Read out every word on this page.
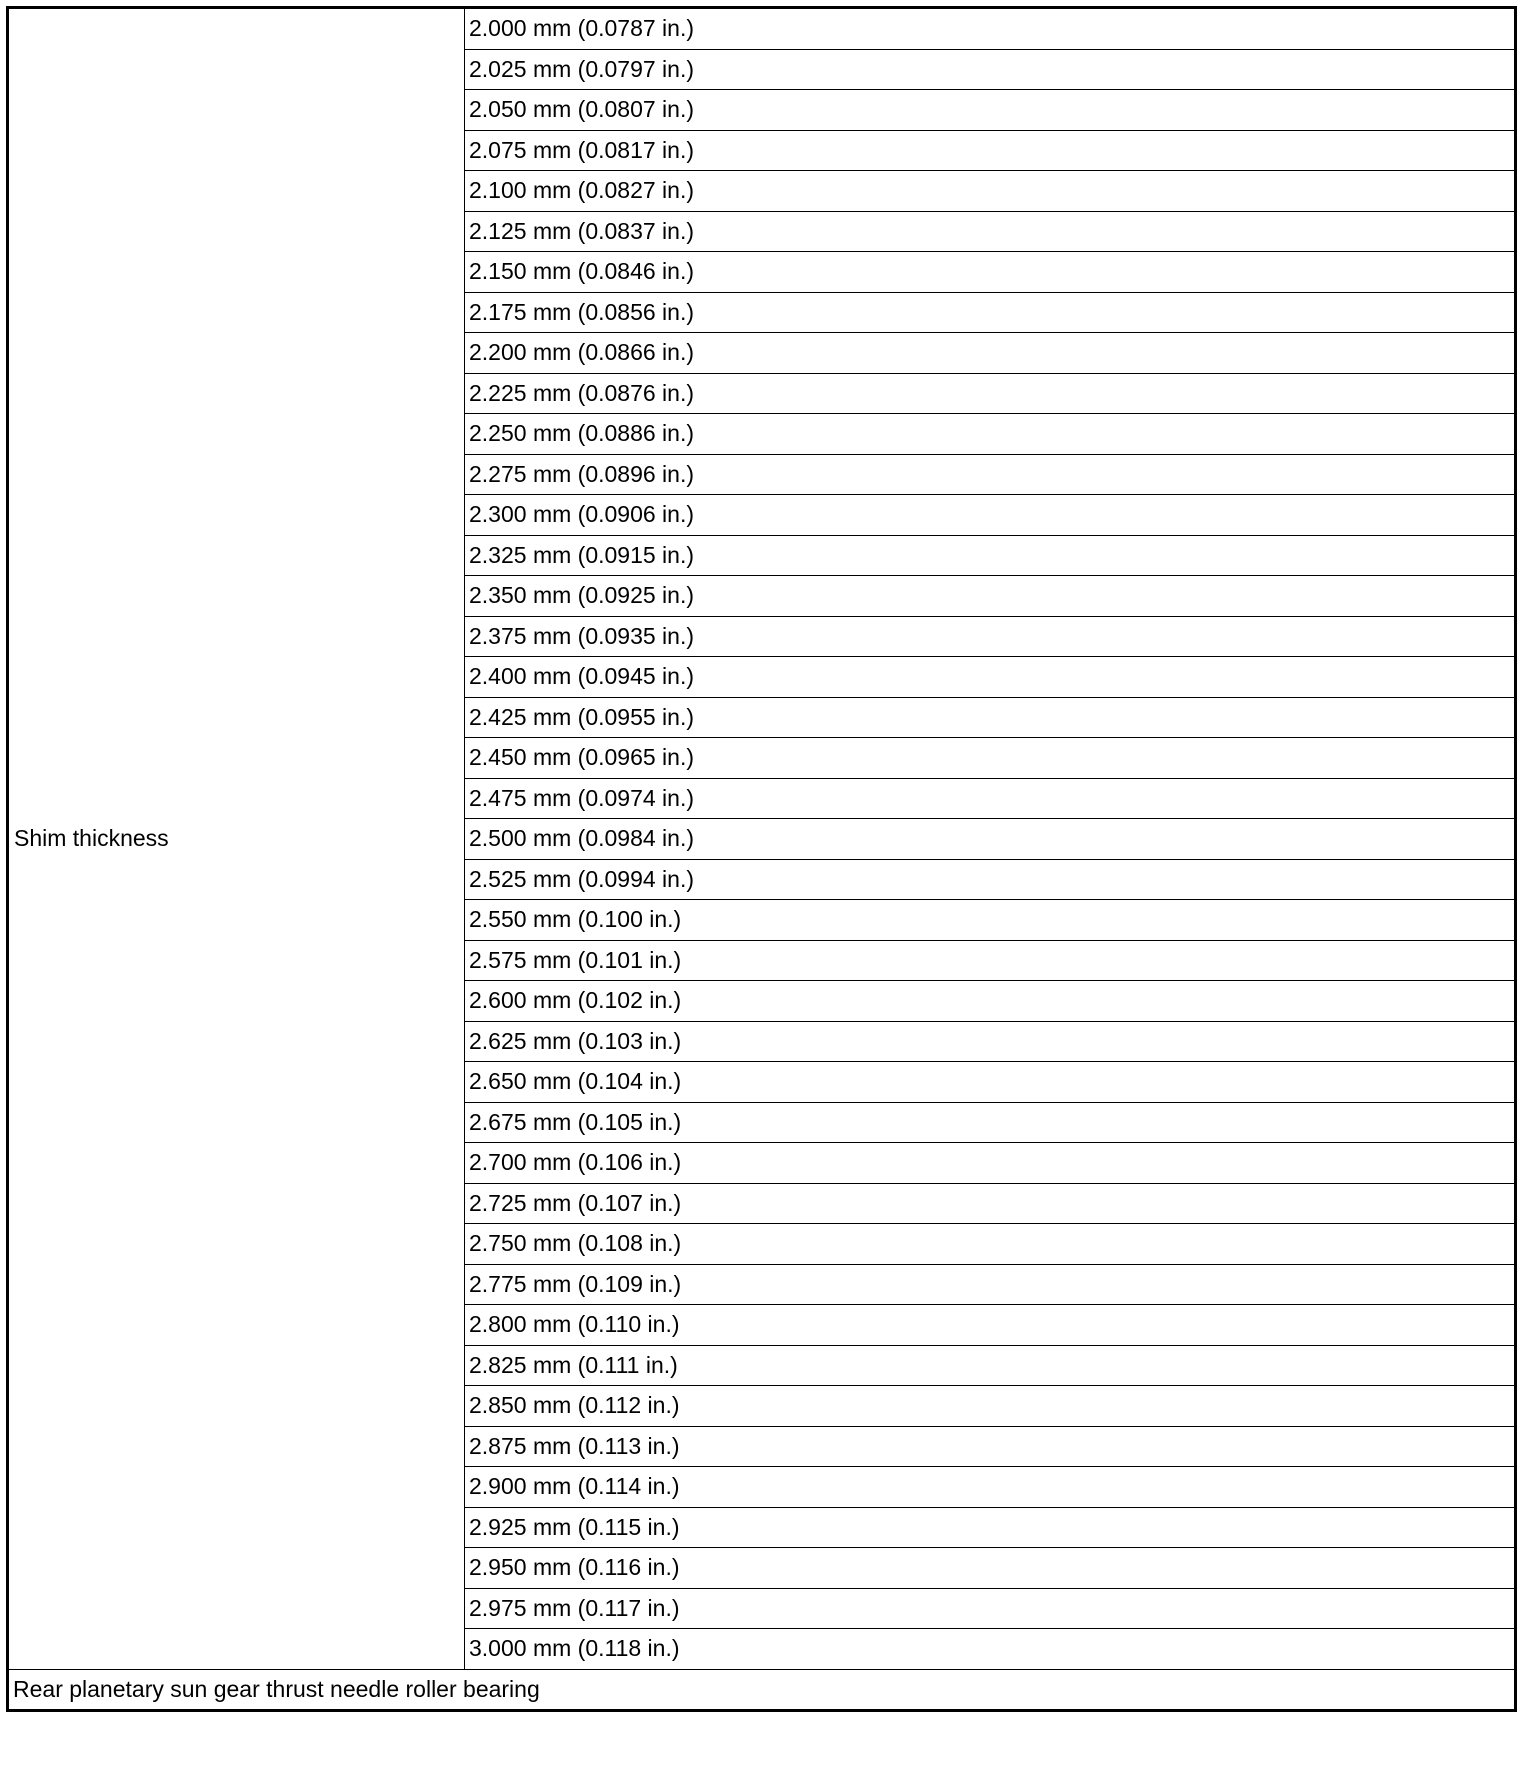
Shim thickness	2.000 mm (0.0787 in.)
2.025 mm (0.0797 in.)
2.050 mm (0.0807 in.)
2.075 mm (0.0817 in.)
2.100 mm (0.0827 in.)
2.125 mm (0.0837 in.)
2.150 mm (0.0846 in.)
2.175 mm (0.0856 in.)
2.200 mm (0.0866 in.)
2.225 mm (0.0876 in.)
2.250 mm (0.0886 in.)
2.275 mm (0.0896 in.)
2.300 mm (0.0906 in.)
2.325 mm (0.0915 in.)
2.350 mm (0.0925 in.)
2.375 mm (0.0935 in.)
2.400 mm (0.0945 in.)
2.425 mm (0.0955 in.)
2.450 mm (0.0965 in.)
2.475 mm (0.0974 in.)
2.500 mm (0.0984 in.)
2.525 mm (0.0994 in.)
2.550 mm (0.100 in.)
2.575 mm (0.101 in.)
2.600 mm (0.102 in.)
2.625 mm (0.103 in.)
2.650 mm (0.104 in.)
2.675 mm (0.105 in.)
2.700 mm (0.106 in.)
2.725 mm (0.107 in.)
2.750 mm (0.108 in.)
2.775 mm (0.109 in.)
2.800 mm (0.110 in.)
2.825 mm (0.111 in.)
2.850 mm (0.112 in.)
2.875 mm (0.113 in.)
2.900 mm (0.114 in.)
2.925 mm (0.115 in.)
2.950 mm (0.116 in.)
2.975 mm (0.117 in.)
3.000 mm (0.118 in.)
Rear planetary sun gear thrust needle roller bearing
